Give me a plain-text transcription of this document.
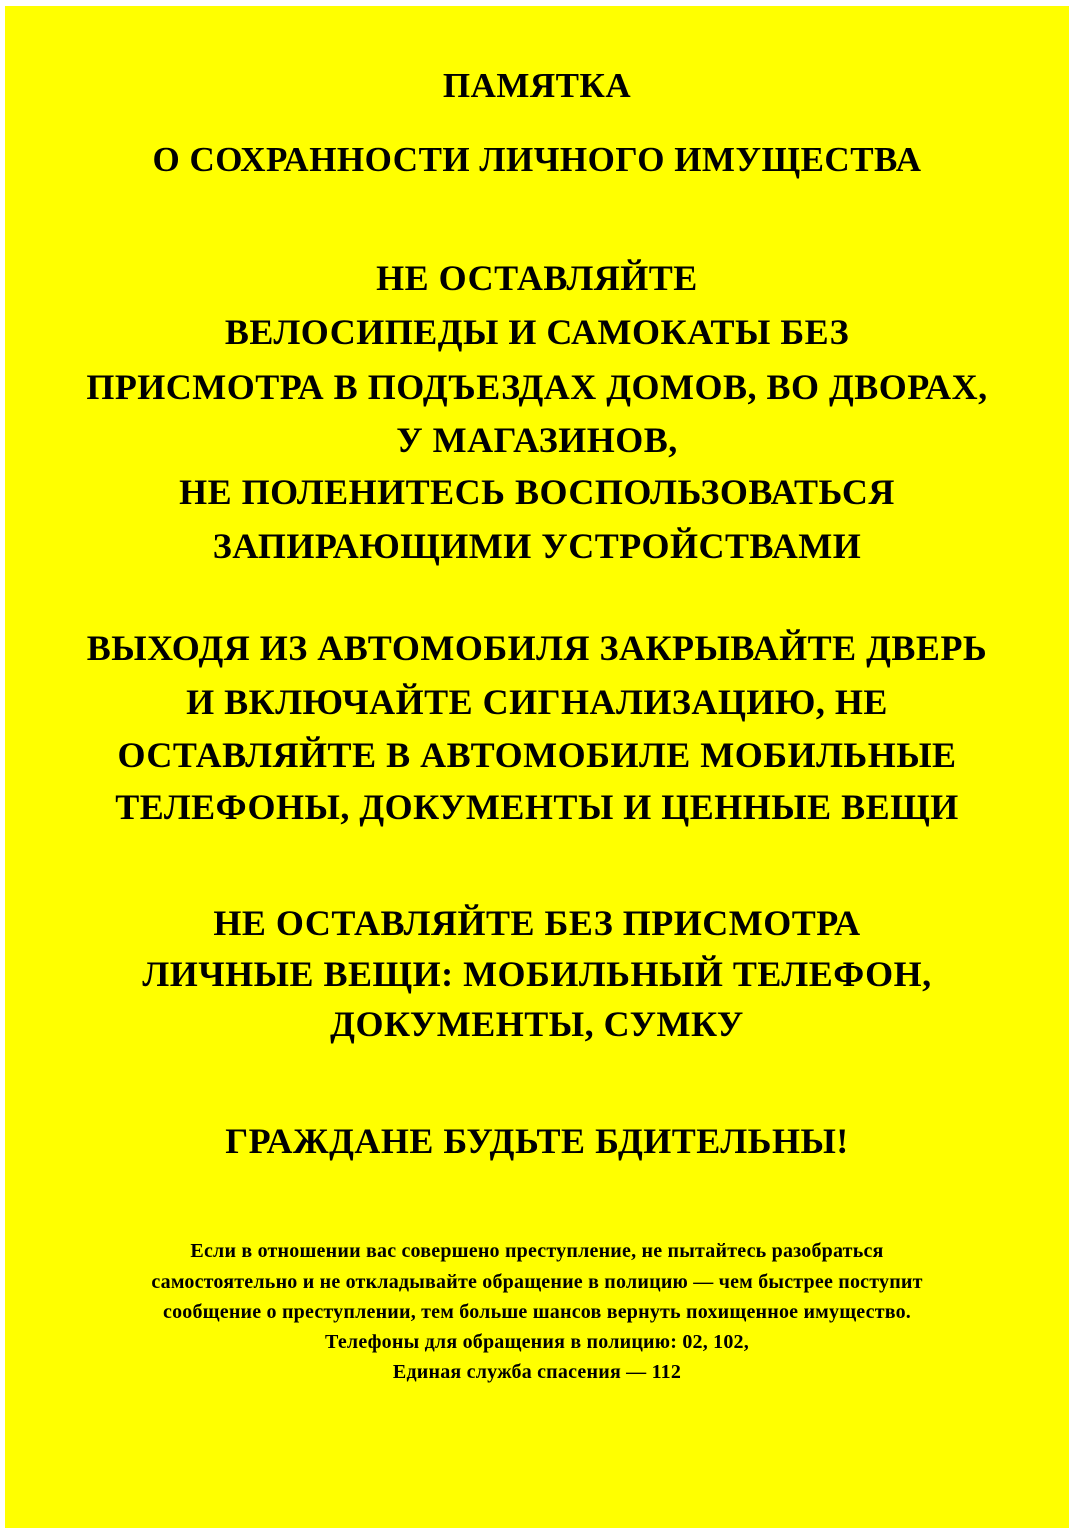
ПАМЯТКА
О СОХРАННОСТИ ЛИЧНОГО ИМУЩЕСТВА
НЕ ОСТАВЛЯЙТЕ
ВЕЛОСИПЕДЫ И САМОКАТЫ БЕЗ
ПРИСМОТРА В ПОДЪЕЗДАХ ДОМОВ, ВО ДВОРАХ,
У МАГАЗИНОВ,
НЕ ПОЛЕНИТЕСЬ ВОСПОЛЬЗОВАТЬСЯ
ЗАПИРАЮЩИМИ УСТРОЙСТВАМИ
ВЫХОДЯ ИЗ АВТОМОБИЛЯ ЗАКРЫВАЙТЕ ДВЕРЬ
И ВКЛЮЧАЙТЕ СИГНАЛИЗАЦИЮ, НЕ
ОСТАВЛЯЙТЕ В АВТОМОБИЛЕ МОБИЛЬНЫЕ
ТЕЛЕФОНЫ, ДОКУМЕНТЫ И ЦЕННЫЕ ВЕЩИ
НЕ ОСТАВЛЯЙТЕ БЕЗ ПРИСМОТРА
ЛИЧНЫЕ ВЕЩИ: МОБИЛЬНЫЙ ТЕЛЕФОН,
ДОКУМЕНТЫ, СУМКУ
ГРАЖДАНЕ БУДЬТЕ БДИТЕЛЬНЫ!
Если в отношении вас совершено преступление, не пытайтесь разобраться
самостоятельно и не откладывайте обращение в полицию — чем быстрее поступит
сообщение о преступлении, тем больше шансов вернуть похищенное имущество.
Телефоны для обращения в полицию: 02, 102,
Единая служба спасения — 112
